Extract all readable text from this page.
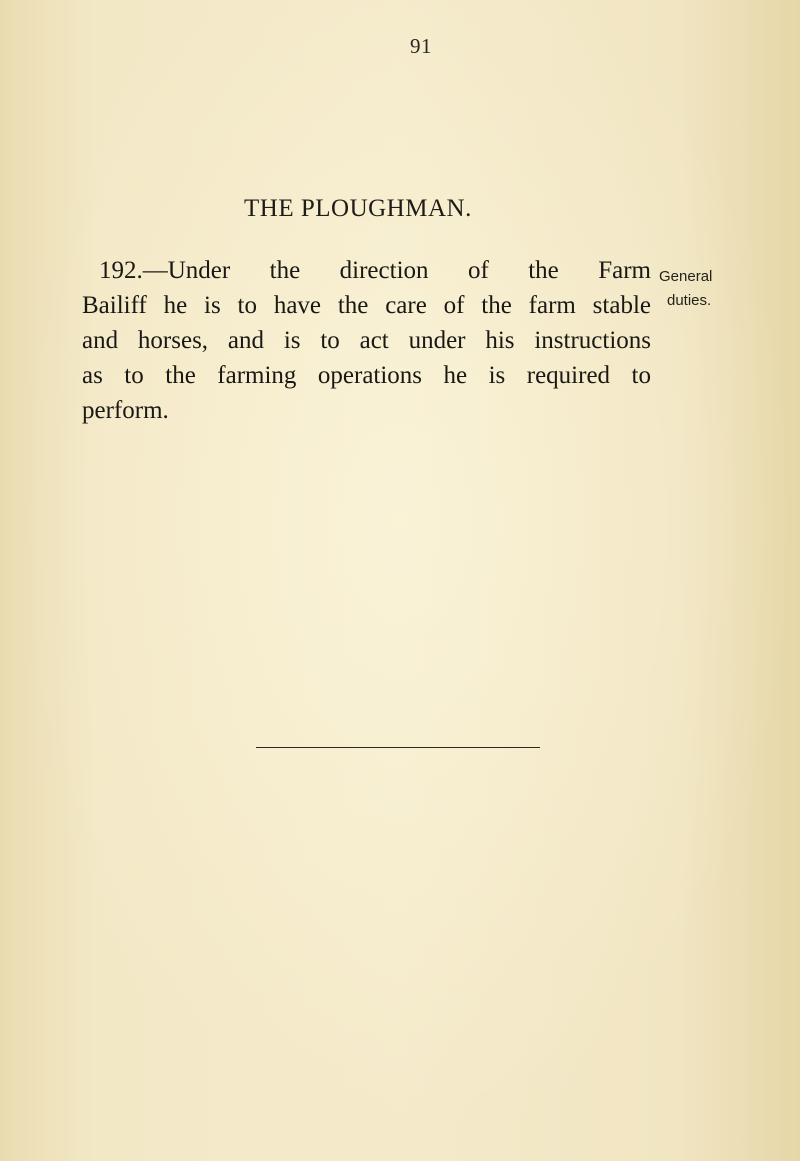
91
THE PLOUGHMAN.
192.—Under the direction of the Farm
Bailiff he is to have the care of the farm stable
and horses, and is to act under his instructions
as to the farming operations he is required to
perform.
General
duties.
